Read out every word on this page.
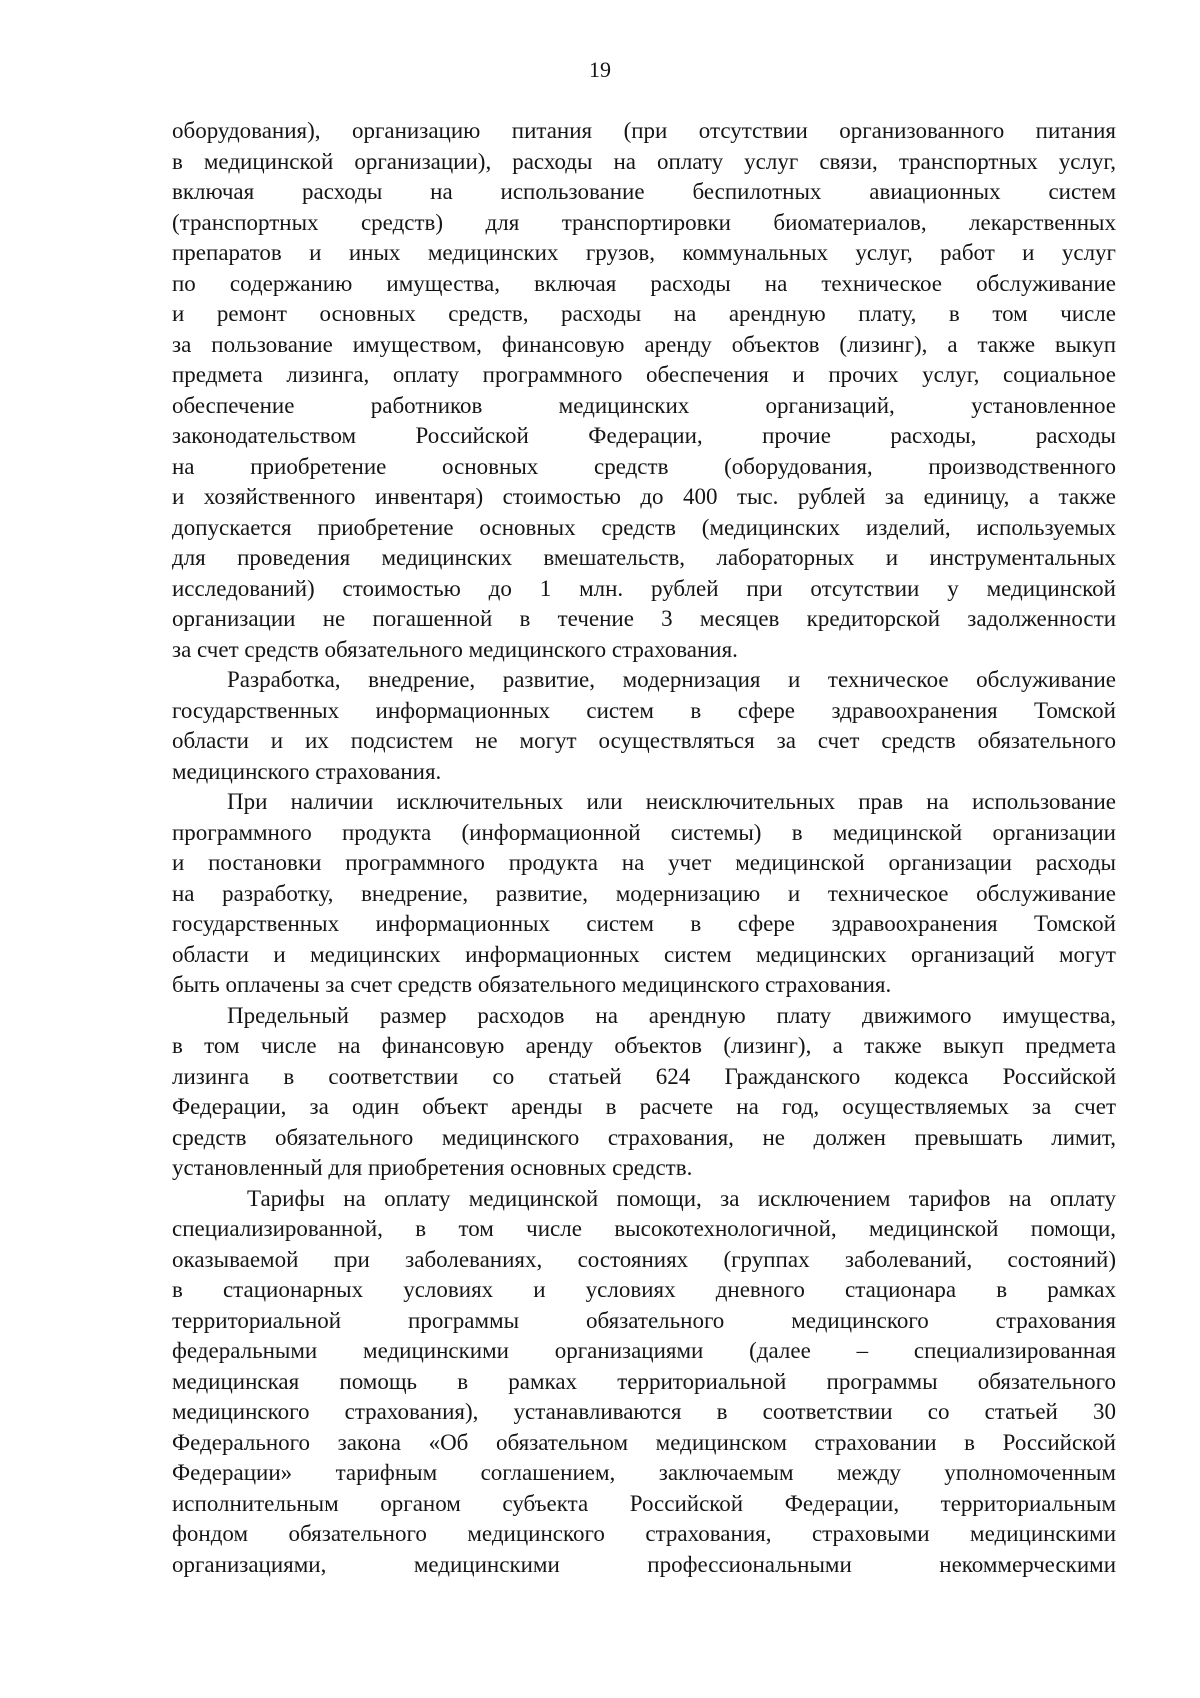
19
оборудования), организацию питания (при отсутствии организованного питания
в медицинской организации), расходы на оплату услуг связи, транспортных услуг,
включая расходы на использование беспилотных авиационных систем
(транспортных средств) для транспортировки биоматериалов, лекарственных
препаратов и иных медицинских грузов, коммунальных услуг, работ и услуг
по содержанию имущества, включая расходы на техническое обслуживание
и ремонт основных средств, расходы на арендную плату, в том числе
за пользование имуществом, финансовую аренду объектов (лизинг), а также выкуп
предмета лизинга, оплату программного обеспечения и прочих услуг, социальное
обеспечение работников медицинских организаций, установленное
законодательством Российской Федерации, прочие расходы, расходы
на приобретение основных средств (оборудования, производственного
и хозяйственного инвентаря) стоимостью до 400 тыс. рублей за единицу, а также
допускается приобретение основных средств (медицинских изделий, используемых
для проведения медицинских вмешательств, лабораторных и инструментальных
исследований) стоимостью до 1 млн. рублей при отсутствии у медицинской
организации не погашенной в течение 3 месяцев кредиторской задолженности
за счет средств обязательного медицинского страхования.
Разработка, внедрение, развитие, модернизация и техническое обслуживание
государственных информационных систем в сфере здравоохранения Томской
области и их подсистем не могут осуществляться за счет средств обязательного
медицинского страхования.
При наличии исключительных или неисключительных прав на использование
программного продукта (информационной системы) в медицинской организации
и постановки программного продукта на учет медицинской организации расходы
на разработку, внедрение, развитие, модернизацию и техническое обслуживание
государственных информационных систем в сфере здравоохранения Томской
области и медицинских информационных систем медицинских организаций могут
быть оплачены за счет средств обязательного медицинского страхования.
Предельный размер расходов на арендную плату движимого имущества,
в том числе на финансовую аренду объектов (лизинг), а также выкуп предмета
лизинга в соответствии со статьей 624 Гражданского кодекса Российской
Федерации, за один объект аренды в расчете на год, осуществляемых за счет
средств обязательного медицинского страхования, не должен превышать лимит,
установленный для приобретения основных средств.
Тарифы на оплату медицинской помощи, за исключением тарифов на оплату
специализированной, в том числе высокотехнологичной, медицинской помощи,
оказываемой при заболеваниях, состояниях (группах заболеваний, состояний)
в стационарных условиях и условиях дневного стационара в рамках
территориальной программы обязательного медицинского страхования
федеральными медицинскими организациями (далее – специализированная
медицинская помощь в рамках территориальной программы обязательного
медицинского страхования), устанавливаются в соответствии со статьей 30
Федерального закона «Об обязательном медицинском страховании в Российской
Федерации» тарифным соглашением, заключаемым между уполномоченным
исполнительным органом субъекта Российской Федерации, территориальным
фондом обязательного медицинского страхования, страховыми медицинскими
организациями, медицинскими профессиональными некоммерческими
